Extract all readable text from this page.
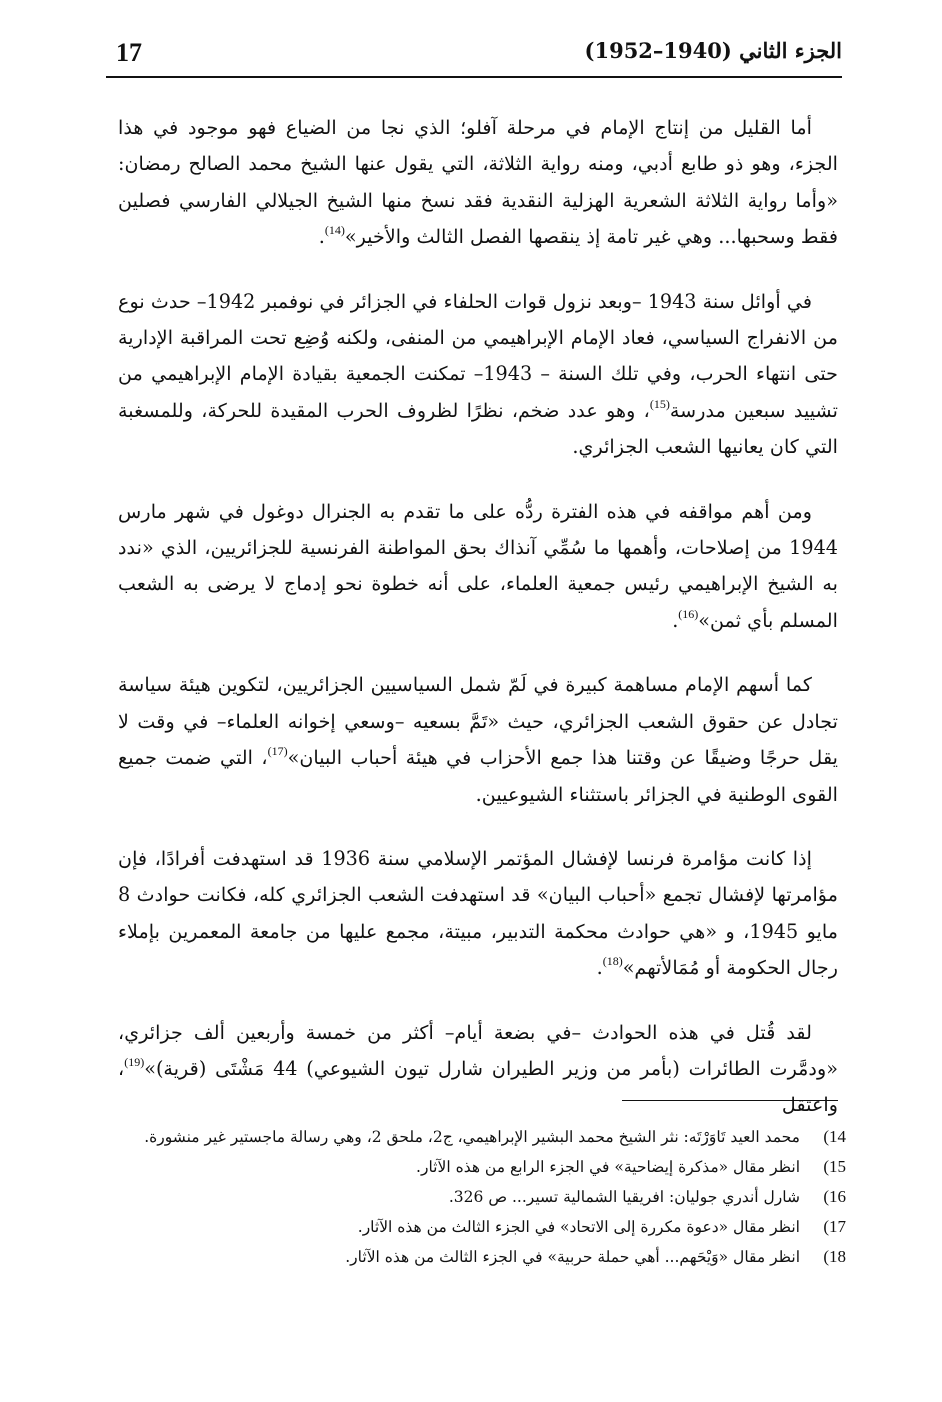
17	الجزء الثاني (1940–1952)

أما القليل من إنتاج الإمام في مرحلة آفلو؛ الذي نجا من الضياع فهو موجود في هذا الجزء، وهو ذو طابع أدبي، ومنه رواية الثلاثة، التي يقول عنها الشيخ محمد الصالح رمضان: «وأما رواية الثلاثة الشعرية الهزلية النقدية فقد نسخ منها الشيخ الجيلالي الفارسي فصلين فقط وسحبها... وهي غير تامة إذ ينقصها الفصل الثالث والأخير»$^{(14)}$.

في أوائل سنة 1943 –وبعد نزول قوات الحلفاء في الجزائر في نوفمبر 1942– حدث نوع من الانفراج السياسي، فعاد الإمام الإبراهيمي من المنفى، ولكنه وُضِع تحت المراقبة الإدارية حتى انتهاء الحرب، وفي تلك السنة – 1943– تمكنت الجمعية بقيادة الإمام الإبراهيمي من تشييد سبعين مدرسة$^{(15)}$، وهو عدد ضخم، نظرًا لظروف الحرب المقيدة للحركة، وللمسغبة التي كان يعانيها الشعب الجزائري.

ومن أهم مواقفه في هذه الفترة ردُّه على ما تقدم به الجنرال دوغول في شهر مارس 1944 من إصلاحات، وأهمها ما سُمِّي آنذاك بحق المواطنة الفرنسية للجزائريين، الذي «ندد به الشيخ الإبراهيمي رئيس جمعية العلماء، على أنه خطوة نحو إدماج لا يرضى به الشعب المسلم بأي ثمن»$^{(16)}$.

كما أسهم الإمام مساهمة كبيرة في لَمّ شمل السياسيين الجزائريين، لتكوين هيئة سياسة تجادل عن حقوق الشعب الجزائري، حيث «تَمَّ بسعيه –وسعي إخوانه العلماء– في وقت لا يقل حرجًا وضيقًا عن وقتنا هذا جمع الأحزاب في هيئة أحباب البيان»$^{(17)}$، التي ضمت جميع القوى الوطنية في الجزائر باستثناء الشيوعيين.

إذا كانت مؤامرة فرنسا لإفشال المؤتمر الإسلامي سنة 1936 قد استهدفت أفرادًا، فإن مؤامرتها لإفشال تجمع «أحباب البيان» قد استهدفت الشعب الجزائري كله، فكانت حوادث 8 مايو 1945، و «هي حوادث محكمة التدبير، مبيتة، مجمع عليها من جامعة المعمرين بإملاء رجال الحكومة أو مُمَالأتهم»$^{(18)}$.

لقد قُتل في هذه الحوادث –في بضعة أيام– أكثر من خمسة وأربعين ألف جزائري، «ودمَّرت الطائرات (بأمر من وزير الطيران شارل تيون الشيوعي) 44 مَشْتَى (قرية)»$^{(19)}$، واعتقل

14)
محمد العيد تَاوَرْتَه: نثر الشيخ محمد البشير الإبراهيمي، ج2، ملحق 2، وهي رسالة ماجستير غير منشورة.
15)
انظر مقال «مذكرة إيضاحية» في الجزء الرابع من هذه الآثار.
16)
شارل أندري جوليان: افريقيا الشمالية تسير... ص 326.
17)
انظر مقال «دعوة مكررة إلى الاتحاد» في الجزء الثالث من هذه الآثار.
18)
انظر مقال «وَيْحَهم... أهي حملة حربية» في الجزء الثالث من هذه الآثار.
